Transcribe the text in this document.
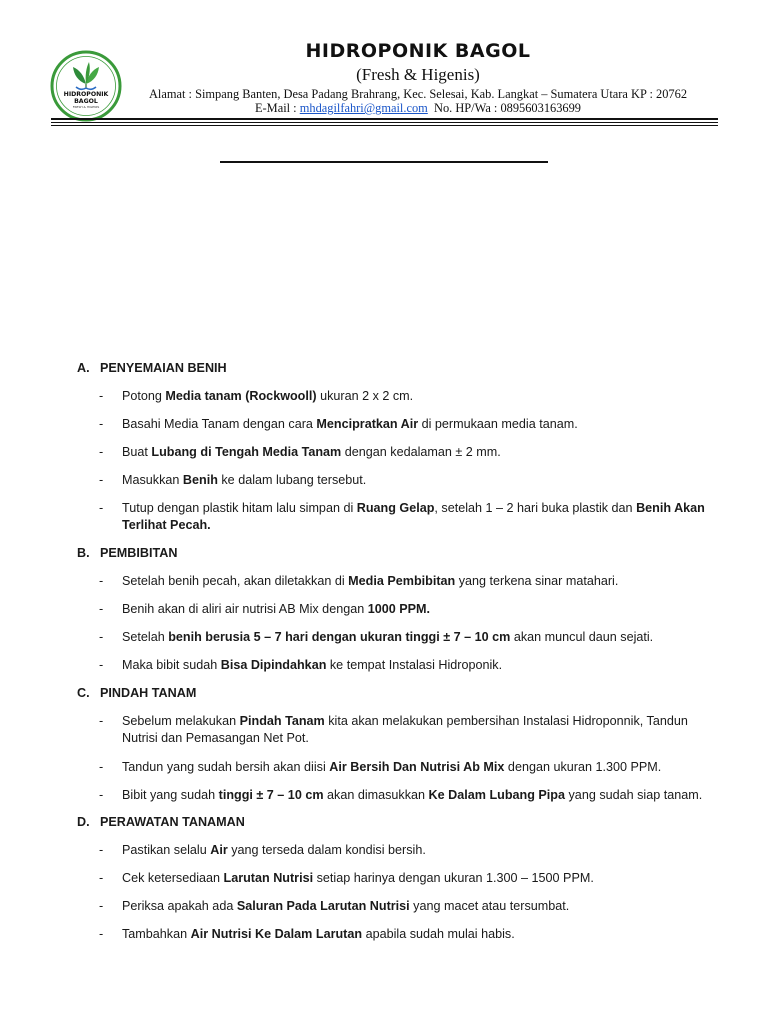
HIDROPONIK
BAGOL
FRESH & HIGENIS
HIDROPONIK BAGOL
(Fresh & Higenis)
Alamat : Simpang Banten, Desa Padang Brahrang, Kec. Selesai, Kab. Langkat – Sumatera Utara KP : 20762
E-Mail : mhdagilfahri@gmail.com No. HP/Wa : 0895603163699
A. PENYEMAIAN BENIH
- Potong Media tanam (Rockwooll) ukuran 2 x 2 cm.
- Basahi Media Tanam dengan cara Mencipratkan Air di permukaan media tanam.
- Buat Lubang di Tengah Media Tanam dengan kedalaman ± 2 mm.
- Masukkan Benih ke dalam lubang tersebut.
- Tutup dengan plastik hitam lalu simpan di Ruang Gelap, setelah 1 – 2 hari buka plastik dan Benih Akan Terlihat Pecah.
B. PEMBIBITAN
- Setelah benih pecah, akan diletakkan di Media Pembibitan yang terkena sinar matahari.
- Benih akan di aliri air nutrisi AB Mix dengan 1000 PPM.
- Setelah benih berusia 5 – 7 hari dengan ukuran tinggi ± 7 – 10 cm akan muncul daun sejati.
- Maka bibit sudah Bisa Dipindahkan ke tempat Instalasi Hidroponik.
C. PINDAH TANAM
- Sebelum melakukan Pindah Tanam kita akan melakukan pembersihan Instalasi Hidroponnik, Tandun Nutrisi dan Pemasangan Net Pot.
- Tandun yang sudah bersih akan diisi Air Bersih Dan Nutrisi Ab Mix dengan ukuran 1.300 PPM.
- Bibit yang sudah tinggi ± 7 – 10 cm akan dimasukkan Ke Dalam Lubang Pipa yang sudah siap tanam.
D. PERAWATAN TANAMAN
- Pastikan selalu Air yang terseda dalam kondisi bersih.
- Cek ketersediaan Larutan Nutrisi setiap harinya dengan ukuran 1.300 – 1500 PPM.
- Periksa apakah ada Saluran Pada Larutan Nutrisi yang macet atau tersumbat.
- Tambahkan Air Nutrisi Ke Dalam Larutan apabila sudah mulai habis.
